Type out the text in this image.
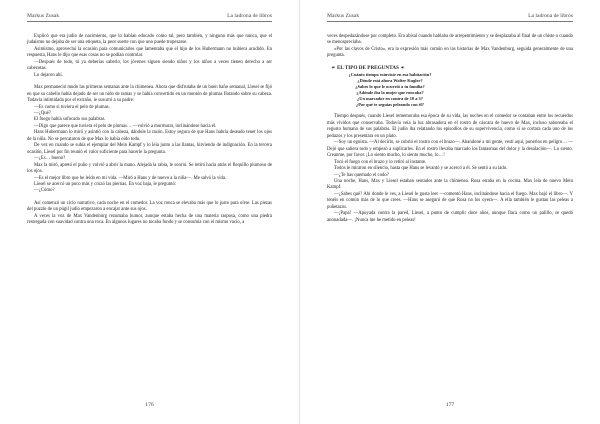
Markus Zusak	La ladrona de libros

Explicó que era judío de nacimiento, que lo habían educado como tal, pero también, y ninguno más que nunca, que el judaísmo no dejaba de ser una etiqueta, la peor suerte con que uno puede tropezarse.

Asimismo, aprovechó la ocasión para comunicarles que lamentaba que el hijo de los Hubermann no hubiera acudido. En respuesta, Hans le dijo que esas cosas no se podían controlar.

—Después de todo, tú ya deberías saberlo, los jóvenes siguen siendo niños y los niños a veces tienen derecho a ser cabezotas.

Lo dejaron ahí.

Max permaneció mudo las primeras semanas ante la chimenea. Ahora que disfrutaba de un buen baño semanal, Liesel se fijó en que su cabello había dejado de ser un nido de ramas y se había convertido en un montón de plumas flotando sobre su cabeza. Todavía intimidada por el extraño, le susurró a su padre:

—Es como si tuviera el pelo de plumas.

—¿Qué?

El fuego había sofocado sus palabras.

—Digo que parece que tuviera el pelo de plumas… —volvió a murmurar, inclinándose hacia él.

Hans Hubermann lo miró y asintió con la cabeza, dándole la razón. Estoy segura de que Hans habría deseado tener los ojos de la niña. No se percataron de que Max lo había oído todo.

De vez en cuando se subía el ejemplar del Mein Kampf y lo leía junto a las llamas, hirviendo de indignación. En la tercera ocasión, Liesel por fin reunió el valor suficiente para hacerle la pregunta.

—¿Es… bueno?

Max la miró, apretó el puño y volvió a abrir la mano. Alejada la rabia, le sonrió. Se retiró hacia atrás el flequillo plumoso de los ojos.

—Es el mejor libro que he leído en mi vida. —Miró a Hans y de nuevo a la niña—. Me salvó la vida.

Liesel se acercó un poco más y cruzó las piernas. En voz baja, le preguntó:

—¿Cómo?

Así comenzó un ciclo narrativo, cada noche en el comedor. La voz ronca se elevaba más que lo justo para oírse. Las piezas del puzzle de un púgil judío empezaron a encajar ante sus ojos.

A veces la voz de Max Vandenburg rezumaba humor, aunque estaba hecha de una materia rasposa, como una piedra restregada con suavidad contra una roca. En algunos lugares no tocaba fondo y se consumía con el mismo vacío, a

176
Markus Zusak	La ladrona de libros

veces despedazándose por completo. Era abisal cuando hablaba de arrepentimiento y se desplazaba al final de un chiste o cuando se menospreciaba.

«Por las clavos de Cristo», era la expresión más común en las historias de Max Vandenburg, seguida generalmente de una pregunta.

☙ EL TIPO DE PREGUNTAS ☙
¿Cuánto tiempo estuviste en esa habitación?
¿Dónde está ahora Walter Kugler?
¿Sabes lo que le ocurrió a tu familia?
¿Adónde iba la mujer que roncaba?
¿Un marcador en contra de 10 a 3?
¿Por qué te seguías peleando con él?

Tiempo después, cuando Liesel rememoraba esa época de su vida, las noches en el comedor se contaban entre los recuerdos más vívidos que conservaba. Todavía veía la luz abrasadora en el rostro de cáscara de huevo de Max, incluso saboreaba el regusto humano de sus palabras. El judío iba relatando los episodios de su supervivencia, como si se cortara cada uno de los pedazos y los presentara en un plato.

—Soy un egoísta. —Al decirlo, se cubrió el rostro con el brazo—. Abandoné a mi gente, vestí aquí, ponerlos en peligro… —Dejó que saliera todo y empezó a suplicarles. En el rostro llevaba marcado los fantasmas del dolor y la desolación—. Lo siento. Creanme, por favor. ¡Lo siento mucho, lo siento mucho, lo…!

Tocó el fuego con el brazo y lo retiró al instante.

Todos le miraron en silencio, hasta que Hans se levantó y se acercó a él. Se sentó a su lado.

—¿Te has quemado el codo?

Una noche, Hans, Max y Liesel estaban sentados ante la chimenea. Rosa estaba en la cocina. Max leía de nuevo Mein Kampf.

—¿Sabes qué? Ahí donde le ves, a Liesel le gusta leer —comentó Hans, inclinándose hacia el fuego. Max bajó el libro—. Y tenéis en común más de lo que crees. —Hans se aseguró de que Rosa no los oyera—. A ella también le gustan las peleas a puñetazos.

—¡Papá! —Apoyada contra la pared, Liesel, a punto de cumplir doce años, aunque flaca como un palillo, se quedó anonadada—. ¡Nunca me he metido en peleas!

177
